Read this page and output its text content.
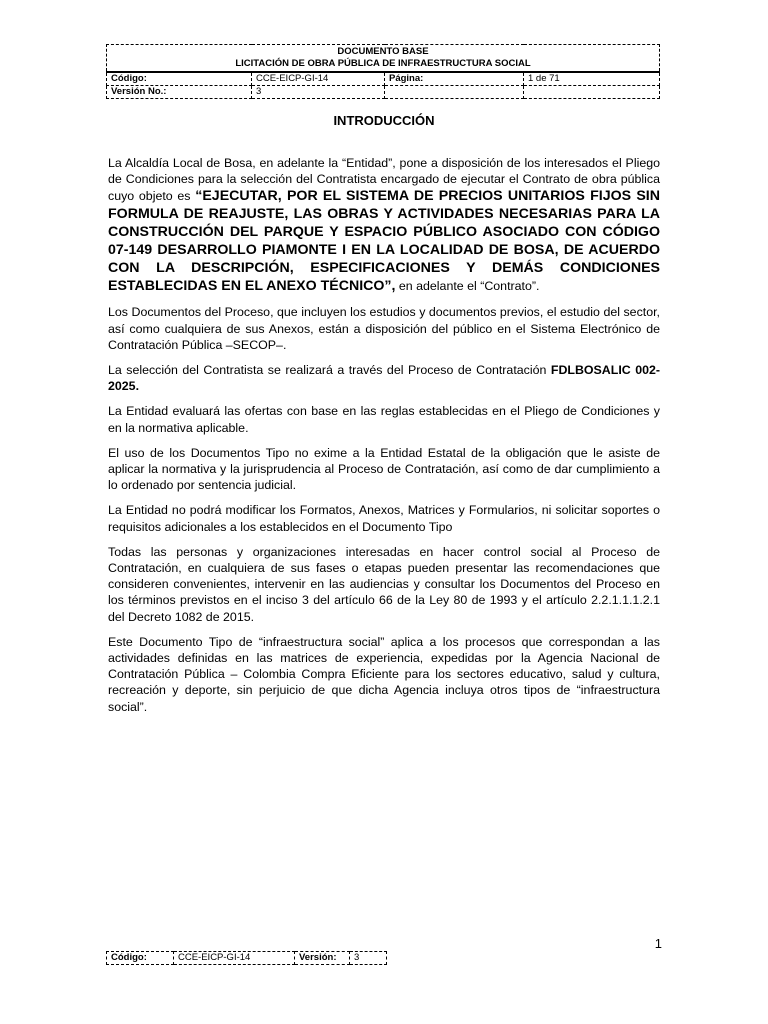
DOCUMENTO BASE
LICITACIÓN DE OBRA PÚBLICA DE INFRAESTRUCTURA SOCIAL			

Código:	CCE-EICP-GI-14	Página:	1 de 71
Versión No.:	3		
INTRODUCCIÓN

La Alcaldía Local de Bosa, en adelante la “Entidad”, pone a disposición de los interesados el Pliego de Condiciones para la selección del Contratista encargado de ejecutar el Contrato de obra pública cuyo objeto es “EJECUTAR, POR EL SISTEMA DE PRECIOS UNITARIOS FIJOS SIN FORMULA DE REAJUSTE, LAS OBRAS Y ACTIVIDADES NECESARIAS PARA LA CONSTRUCCIÓN DEL PARQUE Y ESPACIO PÚBLICO ASOCIADO CON CÓDIGO 07-149 DESARROLLO PIAMONTE I EN LA LOCALIDAD DE BOSA, DE ACUERDO CON LA DESCRIPCIÓN, ESPECIFICACIONES Y DEMÁS CONDICIONES ESTABLECIDAS EN EL ANEXO TÉCNICO”, en adelante el “Contrato”.

Los Documentos del Proceso, que incluyen los estudios y documentos previos, el estudio del sector, así como cualquiera de sus Anexos, están a disposición del público en el Sistema Electrónico de Contratación Pública –SECOP–.

La selección del Contratista se realizará a través del Proceso de Contratación FDLBOSALIC 002-2025.

La Entidad evaluará las ofertas con base en las reglas establecidas en el Pliego de Condiciones y en la normativa aplicable.

El uso de los Documentos Tipo no exime a la Entidad Estatal de la obligación que le asiste de aplicar la normativa y la jurisprudencia al Proceso de Contratación, así como de dar cumplimiento a lo ordenado por sentencia judicial.

La Entidad no podrá modificar los Formatos, Anexos, Matrices y Formularios, ni solicitar soportes o requisitos adicionales a los establecidos en el Documento Tipo

Todas las personas y organizaciones interesadas en hacer control social al Proceso de Contratación, en cualquiera de sus fases o etapas pueden presentar las recomendaciones que consideren convenientes, intervenir en las audiencias y consultar los Documentos del Proceso en los términos previstos en el inciso 3 del artículo 66 de la Ley 80 de 1993 y el artículo 2.2.1.1.1.2.1 del Decreto 1082 de 2015.

Este Documento Tipo de “infraestructura social” aplica a los procesos que correspondan a las actividades definidas en las matrices de experiencia, expedidas por la Agencia Nacional de Contratación Pública – Colombia Compra Eficiente para los sectores educativo, salud y cultura, recreación y deporte, sin perjuicio de que dicha Agencia incluya otros tipos de “infraestructura social”.

1
Código:	CCE-EICP-GI-14	Versión:	3
